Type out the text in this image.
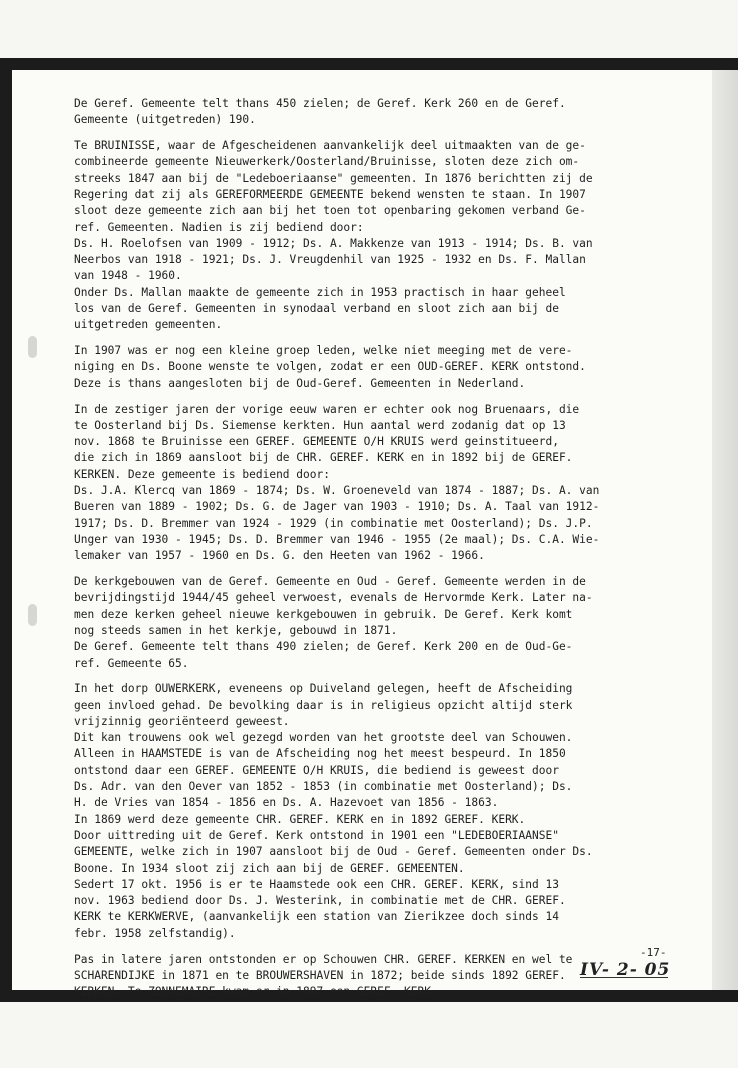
De Geref. Gemeente telt thans 450 zielen; de Geref. Kerk 260 en de Geref.
Gemeente (uitgetreden) 190.
Te BRUINISSE, waar de Afgescheidenen aanvankelijk deel uitmaakten van de ge-
combineerde gemeente Nieuwerkerk/Oosterland/Bruinisse, sloten deze zich om-
streeks 1847 aan bij de "Ledeboeriaanse" gemeenten. In 1876 berichtten zij de
Regering dat zij als GEREFORMEERDE GEMEENTE bekend wensten te staan. In 1907
sloot deze gemeente zich aan bij het toen tot openbaring gekomen verband Ge-
ref. Gemeenten. Nadien is zij bediend door:
Ds. H. Roelofsen van 1909 - 1912; Ds. A. Makkenze van 1913 - 1914; Ds. B. van
Neerbos van 1918 - 1921; Ds. J. Vreugdenhil van 1925 - 1932 en Ds. F. Mallan
van 1948 - 1960.
Onder Ds. Mallan maakte de gemeente zich in 1953 practisch in haar geheel
los van de Geref. Gemeenten in synodaal verband en sloot zich aan bij de
uitgetreden gemeenten.
In 1907 was er nog een kleine groep leden, welke niet meeging met de vere-
niging en Ds. Boone wenste te volgen, zodat er een OUD-GEREF. KERK ontstond.
Deze is thans aangesloten bij de Oud-Geref. Gemeenten in Nederland.
In de zestiger jaren der vorige eeuw waren er echter ook nog Bruenaars, die
te Oosterland bij Ds. Siemense kerkten. Hun aantal werd zodanig dat op 13
nov. 1868 te Bruinisse een GEREF. GEMEENTE O/H KRUIS werd geinstitueerd,
die zich in 1869 aansloot bij de CHR. GEREF. KERK en in 1892 bij de GEREF.
KERKEN. Deze gemeente is bediend door:
Ds. J.A. Klercq van 1869 - 1874; Ds. W. Groeneveld van 1874 - 1887; Ds. A. van
Bueren van 1889 - 1902; Ds. G. de Jager van 1903 - 1910; Ds. A. Taal van 1912-
1917; Ds. D. Bremmer van 1924 - 1929 (in combinatie met Oosterland); Ds. J.P.
Unger van 1930 - 1945; Ds. D. Bremmer van 1946 - 1955 (2e maal); Ds. C.A. Wie-
lemaker van 1957 - 1960 en Ds. G. den Heeten van 1962 - 1966.
De kerkgebouwen van de Geref. Gemeente en Oud - Geref. Gemeente werden in de
bevrijdingstijd 1944/45 geheel verwoest, evenals de Hervormde Kerk. Later na-
men deze kerken geheel nieuwe kerkgebouwen in gebruik. De Geref. Kerk komt
nog steeds samen in het kerkje, gebouwd in 1871.
De Geref. Gemeente telt thans 490 zielen; de Geref. Kerk 200 en de Oud-Ge-
ref. Gemeente 65.
In het dorp OUWERKERK, eveneens op Duiveland gelegen, heeft de Afscheiding
geen invloed gehad. De bevolking daar is in religieus opzicht altijd sterk
vrijzinnig georiënteerd geweest.
Dit kan trouwens ook wel gezegd worden van het grootste deel van Schouwen.
Alleen in HAAMSTEDE is van de Afscheiding nog het meest bespeurd. In 1850
ontstond daar een GEREF. GEMEENTE O/H KRUIS, die bediend is geweest door
Ds. Adr. van den Oever van 1852 - 1853 (in combinatie met Oosterland); Ds.
H. de Vries van 1854 - 1856 en Ds. A. Hazevoet van 1856 - 1863.
In 1869 werd deze gemeente CHR. GEREF. KERK en in 1892 GEREF. KERK.
Door uittreding uit de Geref. Kerk ontstond in 1901 een "LEDEBOERIAANSE"
GEMEENTE, welke zich in 1907 aansloot bij de Oud - Geref. Gemeenten onder Ds.
Boone. In 1934 sloot zij zich aan bij de GEREF. GEMEENTEN.
Sedert 17 okt. 1956 is er te Haamstede ook een CHR. GEREF. KERK, sind 13
nov. 1963 bediend door Ds. J. Westerink, in combinatie met de CHR. GEREF.
KERK te KERKWERVE, (aanvankelijk een station van Zierikzee doch sinds 14
febr. 1958 zelfstandig).
Pas in latere jaren ontstonden er op Schouwen CHR. GEREF. KERKEN en wel te
SCHARENDIJKE in 1871 en te BROUWERSHAVEN in 1872; beide sinds 1892 GEREF.
KERKEN. Te ZONNEMAIRE kwam er in 1897 een GEREF. KERK.
-17-
IV- 2- 05
